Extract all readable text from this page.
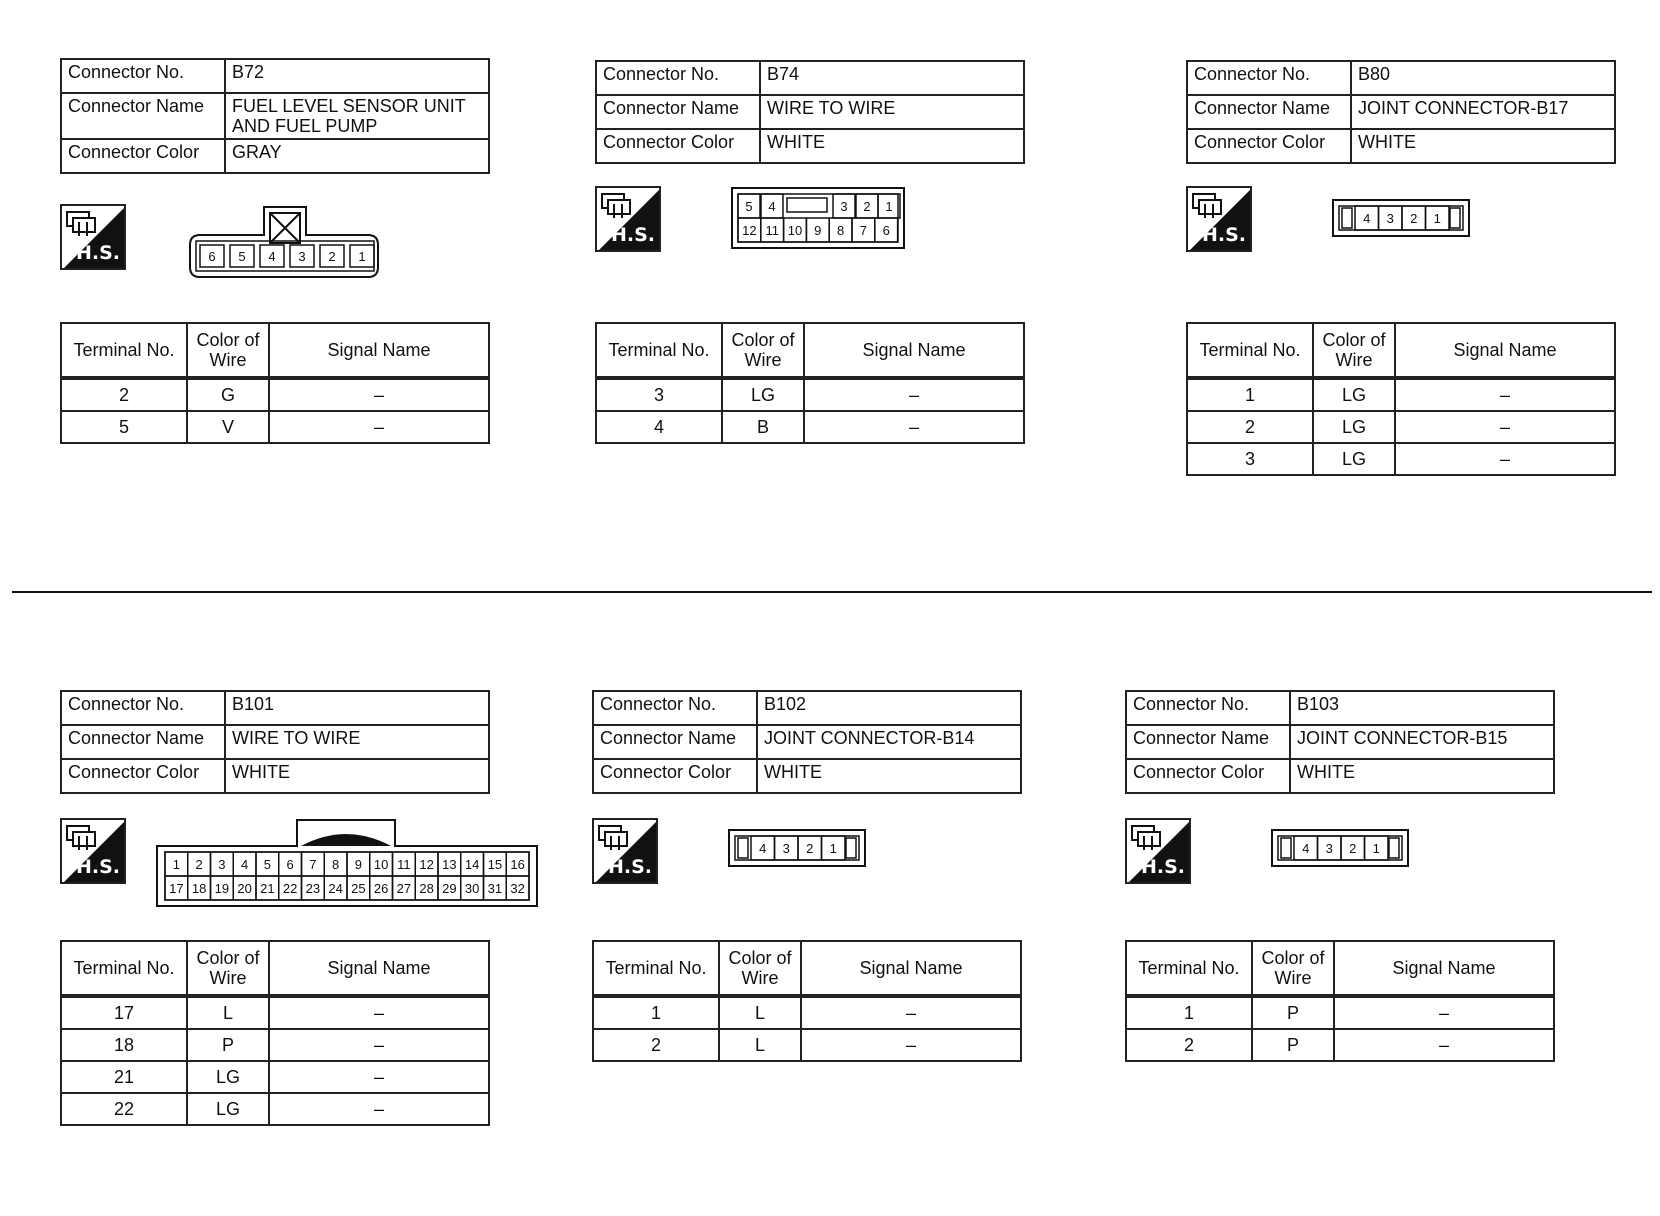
Connector No.	B72
Connector Name	FUEL LEVEL SENSOR UNIT AND FUEL PUMP
Connector Color	GRAY
H.S.	6 5 4 3 2 1
Terminal No.	Color of Wire	Signal Name
2	G	–
5	V	–
Connector No.	B74
Connector Name	WIRE TO WIRE
Connector Color	WHITE
H.S.
5 4	3 2 1
12 11 10 9 8 7 6
Terminal No.	Color of Wire	Signal Name
3	LG	–
4	B	–
Connector No.	B80
Connector Name	JOINT CONNECTOR-B17
Connector Color	WHITE
H.S.
4 3 2 1
Terminal No.	Color of Wire	Signal Name
1	LG	–
2	LG	–
3	LG	–
Connector No.	B101
Connector Name	WIRE TO WIRE
Connector Color	WHITE
H.S.	1 2 3 4 5 6 7 8 9 10 11 12 13 14 15 16
17 18 19 20 21 22 23 24 25 26 27 28 29 30 31 32
Terminal No.	Color of Wire	Signal Name
17	L	–
18	P	–
21	LG	–
22	LG	–
Connector No.	B102
Connector Name	JOINT CONNECTOR-B14
Connector Color	WHITE
H.S.
4 3 2 1
Terminal No.	Color of Wire	Signal Name
1	L	–
2	L	–
Connector No.	B103
Connector Name	JOINT CONNECTOR-B15
Connector Color	WHITE
H.S.
4 3 2 1
Terminal No.	Color of Wire	Signal Name
1	P	–
2	P	–
